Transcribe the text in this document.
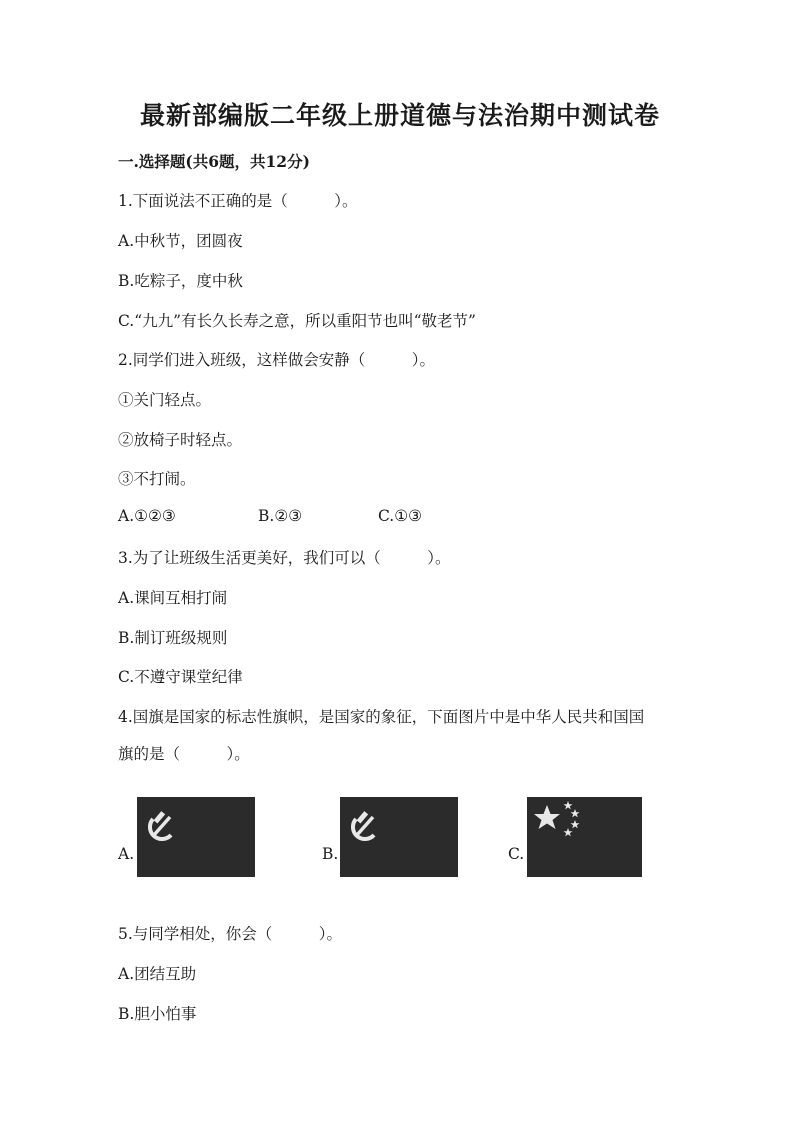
最新部编版二年级上册道德与法治期中测试卷
一.选择题(共6题，共12分)
1.下面说法不正确的是（　　　）。
A.中秋节，团圆夜
B.吃粽子，度中秋
C.“九九”有长久长寿之意，所以重阳节也叫“敬老节”
2.同学们进入班级，这样做会安静（　　　）。
①关门轻点。
②放椅子时轻点。
③不打闹。
A.①②③	B.②③	C.①③
3.为了让班级生活更美好，我们可以（　　　）。
A.课间互相打闹
B.制订班级规则
C.不遵守课堂纪律
4.国旗是国家的标志性旗帜，是国家的象征，下面图片中是中华人民共和国国
旗的是（　　　）。
A.	B.	C.
5.与同学相处，你会（　　　）。
A.团结互助
B.胆小怕事
